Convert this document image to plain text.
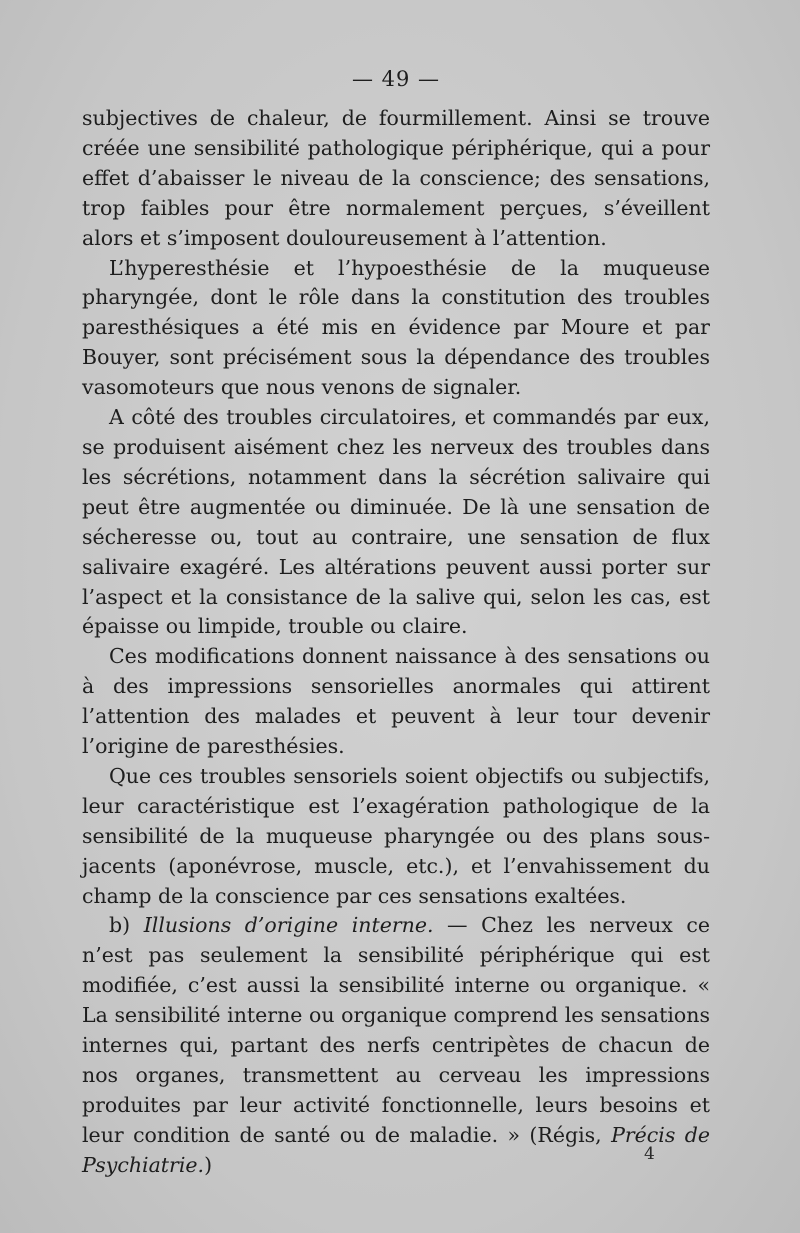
— 49 —

subjectives de chaleur, de fourmillement. Ainsi se trouve créée une sensibilité pathologique périphérique, qui a pour effet d’abaisser le niveau de la conscience; des sensations, trop faibles pour être normalement perçues, s’éveillent alors et s’imposent douloureusement à l’attention.

L’hyperesthésie et l’hypoesthésie de la muqueuse pharyngée, dont le rôle dans la constitution des troubles paresthésiques a été mis en évidence par Moure et par Bouyer, sont précisément sous la dépendance des troubles vasomoteurs que nous venons de signaler.

A côté des troubles circulatoires, et commandés par eux, se produisent aisément chez les nerveux des troubles dans les sécrétions, notamment dans la sécrétion salivaire qui peut être augmentée ou diminuée. De là une sensation de sécheresse ou, tout au contraire, une sensation de flux salivaire exagéré. Les altérations peuvent aussi porter sur l’aspect et la consistance de la salive qui, selon les cas, est épaisse ou limpide, trouble ou claire.

Ces modifications donnent naissance à des sensations ou à des impressions sensorielles anormales qui attirent l’attention des malades et peuvent à leur tour devenir l’origine de paresthésies.

Que ces troubles sensoriels soient objectifs ou subjectifs, leur caractéristique est l’exagération pathologique de la sensibilité de la muqueuse pharyngée ou des plans sous-jacents (aponévrose, muscle, etc.), et l’envahissement du champ de la conscience par ces sensations exaltées.

b) Illusions d’origine interne. — Chez les nerveux ce n’est pas seulement la sensibilité périphérique qui est modifiée, c’est aussi la sensibilité interne ou organique. « La sensibilité interne ou organique comprend les sensations internes qui, partant des nerfs centripètes de chacun de nos organes, transmettent au cerveau les impressions produites par leur activité fonctionnelle, leurs besoins et leur condition de santé ou de maladie. » (Régis, Précis de Psychiatrie.)	4
